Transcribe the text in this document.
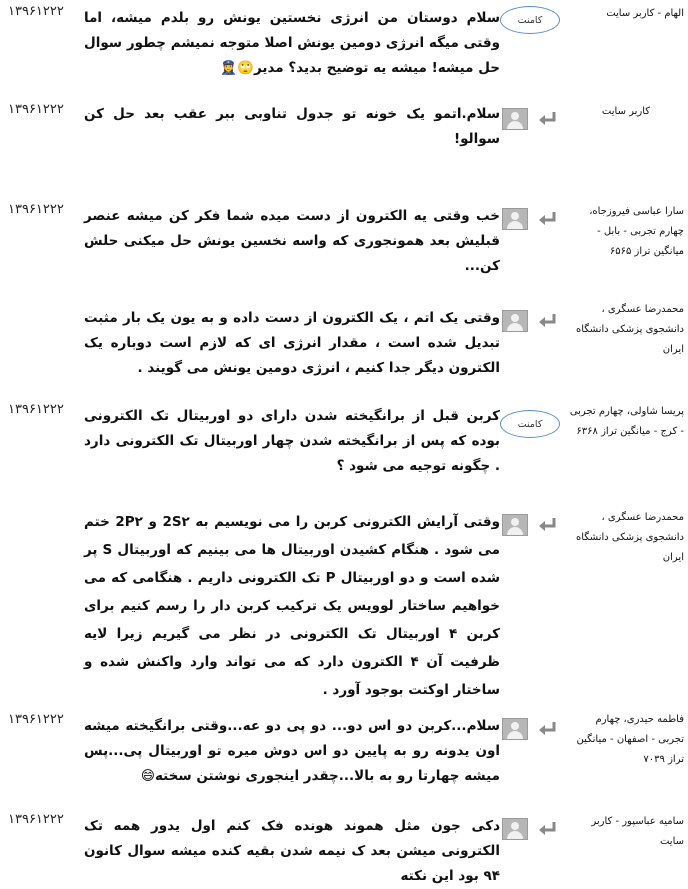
۱۳۹۶۱۲۲۲ سلام دوستان من انرژی نخستین یونش رو بلدم میشه، اما وقتی میگه انرژی دومین یونش اصلا متوجه نمیشم چطور سوال حل میشه! میشه یه توضیح بدید؟ مدیر🙄👮‍♀️
کامنت
الهام - کاربر سایت
۱۳۹۶۱۲۲۲ سلام.اتمو یک خونه تو جدول تناوبی ببر عقب بعد حل کن سوالو!
کاربر سایت
۱۳۹۶۱۲۲۲ خب وقتی یه الکترون از دست میده شما فکر کن میشه عنصر قبلیش بعد همونجوری که واسه نخسین یونش حل میکنی حلش کن...
سارا عباسی فیروزجاه، چهارم تجربی - بابل - میانگین تراز ۶۵۶۵
وقتی یک اتم ، یک الکترون از دست داده و به یون یک بار مثبت تبدیل شده است ، مقدار انرژی ای که لازم است دوباره یک الکترون دیگر جدا کنیم ، انرژی دومین یونش می گویند .
محمدرضا عسگری ، دانشجوی پزشکی دانشگاه ایران
۱۳۹۶۱۲۲۲ کربن قبل از برانگیخته شدن دارای دو اوربیتال تک الکترونی بوده که پس از برانگیخته شدن چهار اوربیتال تک الکترونی دارد . چگونه توجیه می شود ؟
کامنت
پریسا شاولی، چهارم تجربی - کرج - میانگین تراز ۶۳۶۸
وقتی آرایش الکترونی کربن را می نویسیم به 2S۲ و 2P۲ ختم می شود . هنگام کشیدن اوربیتال ها می بینیم که اوربیتال S پر شده است و دو اوربیتال P تک الکترونی داریم . هنگامی که می خواهیم ساختار لوویس یک ترکیب کربن دار را رسم کنیم برای کربن ۴ اوربیتال تک الکترونی در نظر می گیریم زیرا لایه ظرفیت آن ۴ الکترون دارد که می تواند وارد واکنش شده و ساختار اوکتت بوجود آورد .
محمدرضا عسگری ، دانشجوی پزشکی دانشگاه ایران
۱۳۹۶۱۲۲۲ سلام...کربن دو اس دو... دو پی دو عه...وقتی برانگیخته میشه اون یدونه رو به پایین دو اس دوش میره تو اوربیتال پی...پس میشه چهارتا رو به بالا...چقدر اینجوری نوشتن سخته😄
فاطمه حیدری، چهارم تجربی - اصفهان - میانگین تراز ۷۰۳۹
۱۳۹۶۱۲۲۲ دکی جون مثل هموند هونده فک کنم اول یدور همه تک الکترونی میشن بعد ک نیمه شدن بقیه کنده میشه سوال کانون ۹۴ بود این نکته
سامیه عباسپور - کاربر سایت
